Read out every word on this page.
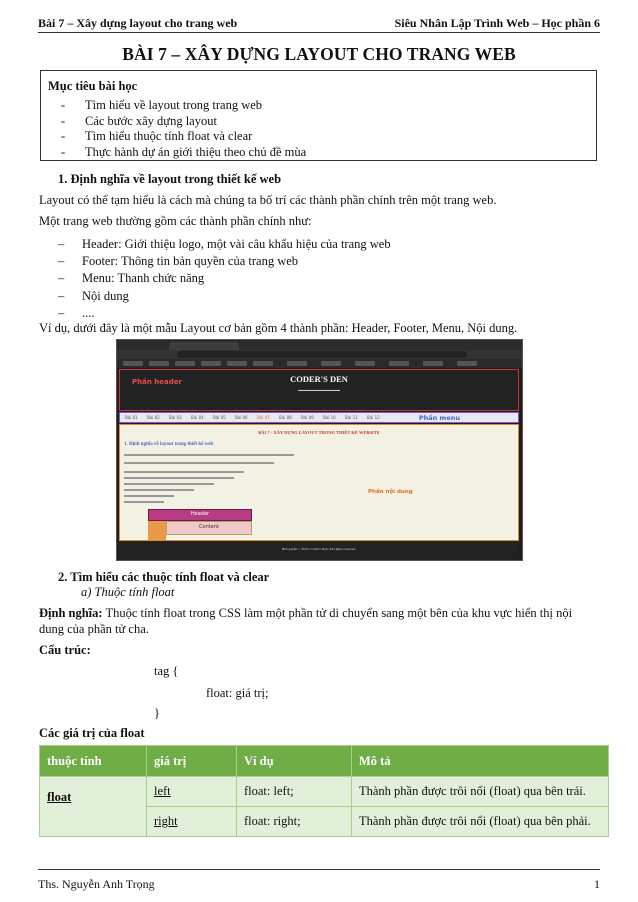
Bài 7 – Xây dựng layout cho trang web	Siêu Nhân Lập Trình Web – Học phần 6
BÀI 7 – XÂY DỰNG LAYOUT CHO TRANG WEB
Mục tiêu bài học
- Tìm hiểu về layout trong trang web
- Các bước xây dựng layout
- Tìm hiểu thuộc tính float và clear
- Thực hành dự án giới thiệu theo chủ đề mùa
1. Định nghĩa về layout trong thiết kế web
Layout có thể tạm hiểu là cách mà chúng ta bố trí các thành phần chính trên một trang web.
Một trang web thường gồm các thành phần chính như:
– Header: Giới thiệu logo, một vài câu khẩu hiệu của trang web
– Footer: Thông tin bản quyền của trang web
– Menu: Thanh chức năng
– Nội dung
– ....
Ví dụ, dưới đây là một mẫu Layout cơ bản gồm 4 thành phần: Header, Footer, Menu, Nội dung.
Phần header	CODER'S DEN
▬▬▬▬▬▬▬▬▬▬▬▬
Bài 01 Bài 02 Bài 03 Bài 04 Bài 05 Bài 06 Bài 07 Bài 08 Bài 09 Bài 10 Bài 11 Bài 12	Phần menu
BÀI 7 - XÂY DỰNG LAYOUT TRONG THIẾT KẾ WEBSITE
1. Định nghĩa về layout trong thiết kế web
Phần nội dung
Header
Content
Bản quyền © 2023. Coder's Den. All rights reserved.
2. Tìm hiểu các thuộc tính float và clear
a) Thuộc tính float
Định nghĩa: Thuộc tính float trong CSS làm một phần tử di chuyển sang một bên của khu vực hiển thị nội
dung của phần tử cha.
Cấu trúc:
tag {
float: giá trị;
}
Các giá trị của float
thuộc tính	giá trị	Ví dụ	Mô tả
float	left	float: left;	Thành phần được trôi nổi (float) qua bên trái.
	right	float: right;	Thành phần được trôi nổi (float) qua bên phải.
Ths. Nguyễn Anh Trọng	1
